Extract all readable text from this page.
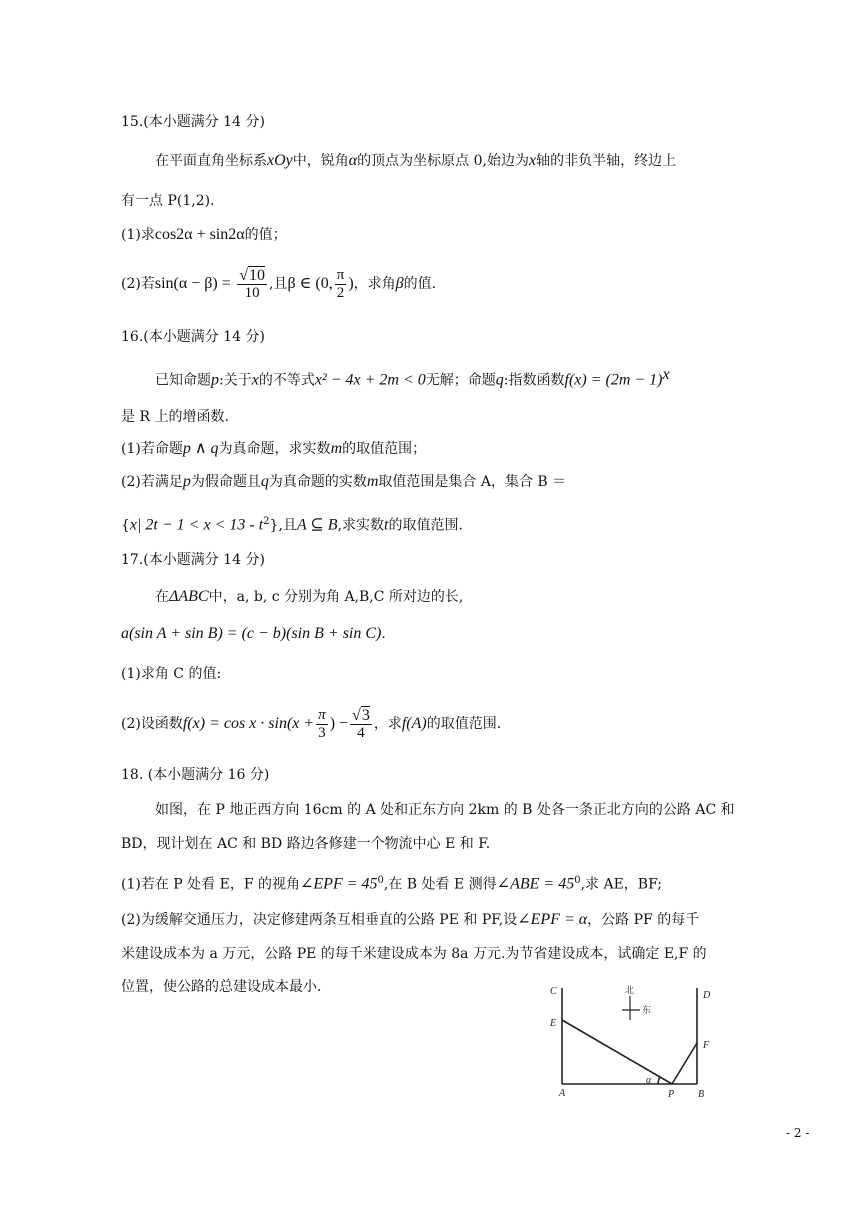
15.(本小题满分 14 分)
在平面直角坐标系xOy中，锐角α的顶点为坐标原点 0,始边为x轴的非负半轴，终边上
有一点 P(1,2).
(1)求cos2α + sin2α的值；
(2)若$\sin(\alpha - \beta) = \frac{√10}{10}$ ,且β ∈ (0, $\frac{\pi}{2}$ )，求角β的值.
16.(本小题满分 14 分)
已知命题p:关于x的不等式x² − 4x + 2m < 0无解；命题q:指数函数$f(x) = (2m - 1)^x$
是 R 上的增函数.
(1)若命题p ∧ q为真命题，求实数m的取值范围；
(2)若满足p为假命题且q为真命题的实数m取值范围是集合 A，集合 B ＝
{x| $2t - 1 < x < 13 - t^2$},且A ⊆ B,求实数t的取值范围.
17.(本小题满分 14 分)
在ΔABC中，a, b, c 分别为角 A,B,C 所对边的长,
a(sin A + sin B) = (c − b)(sin B + sin C).
(1)求角 C 的值:
(2)设函数$f(x) = \cos x \cdot \sin(x + \frac{\pi}{3}$ ) − $\frac{√3}{4}$ ，求f(A)的取值范围.
18. (本小题满分 16 分)
如图，在 P 地正西方向 16cm 的 A 处和正东方向 2km 的 B 处各一条正北方向的公路 AC 和
BD，现计划在 AC 和 BD 路边各修建一个物流中心 E 和 F.
(1)若在 P 处看 E，F 的视角∠EPF = $45^0$,在 B 处看 E 测得∠ABE = $45^0$,求 AE，BF;
(2)为缓解交通压力，决定修建两条互相垂直的公路 PE 和 PF,设∠EPF = α，公路 PF 的每千
米建设成本为 a 万元，公路 PE 的每千米建设成本为 8a 万元.为节省建设成本，试确定 E,F 的
位置，使公路的总建设成本最小.	C	D
E
F
A	P B
α
北
东
- 2 -
